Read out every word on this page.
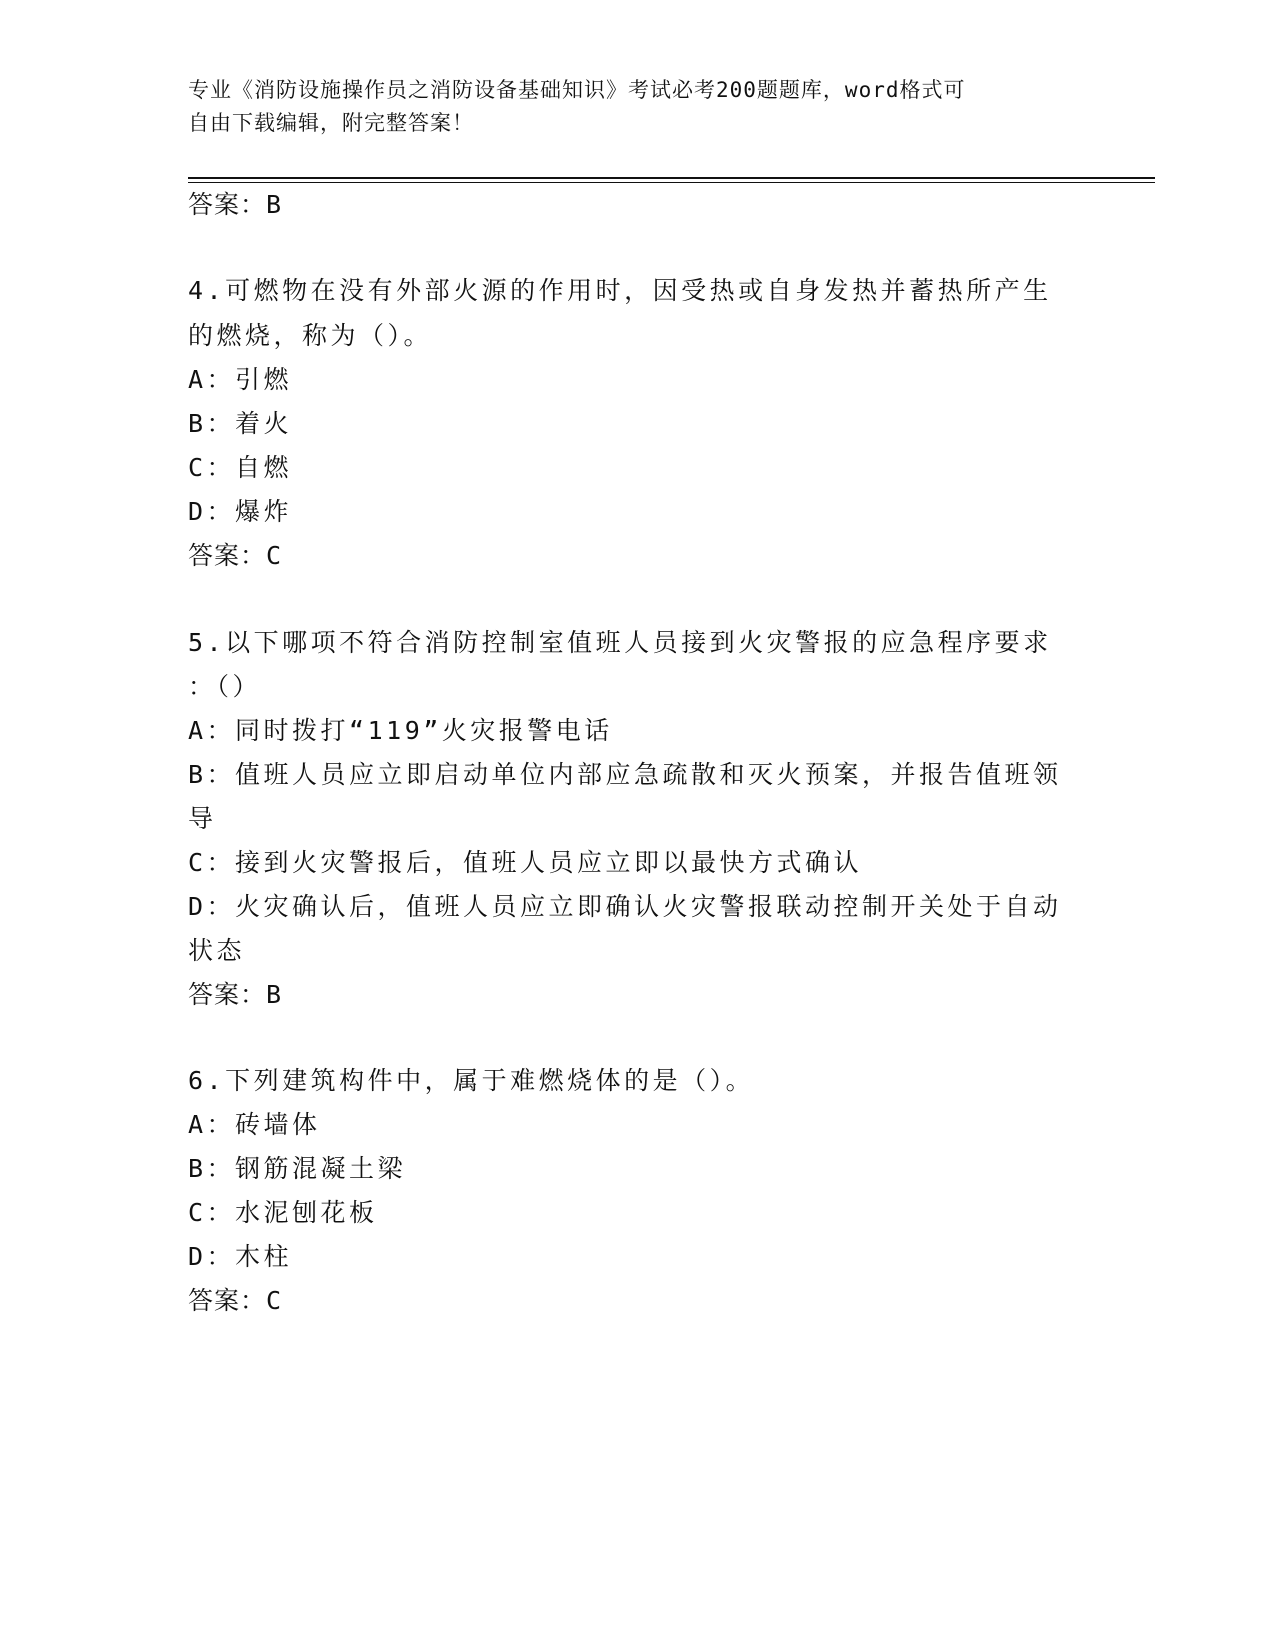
专业《消防设施操作员之消防设备基础知识》考试必考200题题库，word格式可
自由下载编辑，附完整答案！

答案：B

4.可燃物在没有外部火源的作用时，因受热或自身发热并蓄热所产生

的燃烧，称为（）。

A：引燃

B：着火

C：自燃

D：爆炸

答案：C

5.以下哪项不符合消防控制室值班人员接到火灾警报的应急程序要求

：（）

A：同时拨打“119”火灾报警电话

B：值班人员应立即启动单位内部应急疏散和灭火预案，并报告值班领

导

C：接到火灾警报后，值班人员应立即以最快方式确认

D：火灾确认后，值班人员应立即确认火灾警报联动控制开关处于自动

状态

答案：B

6.下列建筑构件中，属于难燃烧体的是（）。

A：砖墙体

B：钢筋混凝土梁

C：水泥刨花板

D：木柱

答案：C
